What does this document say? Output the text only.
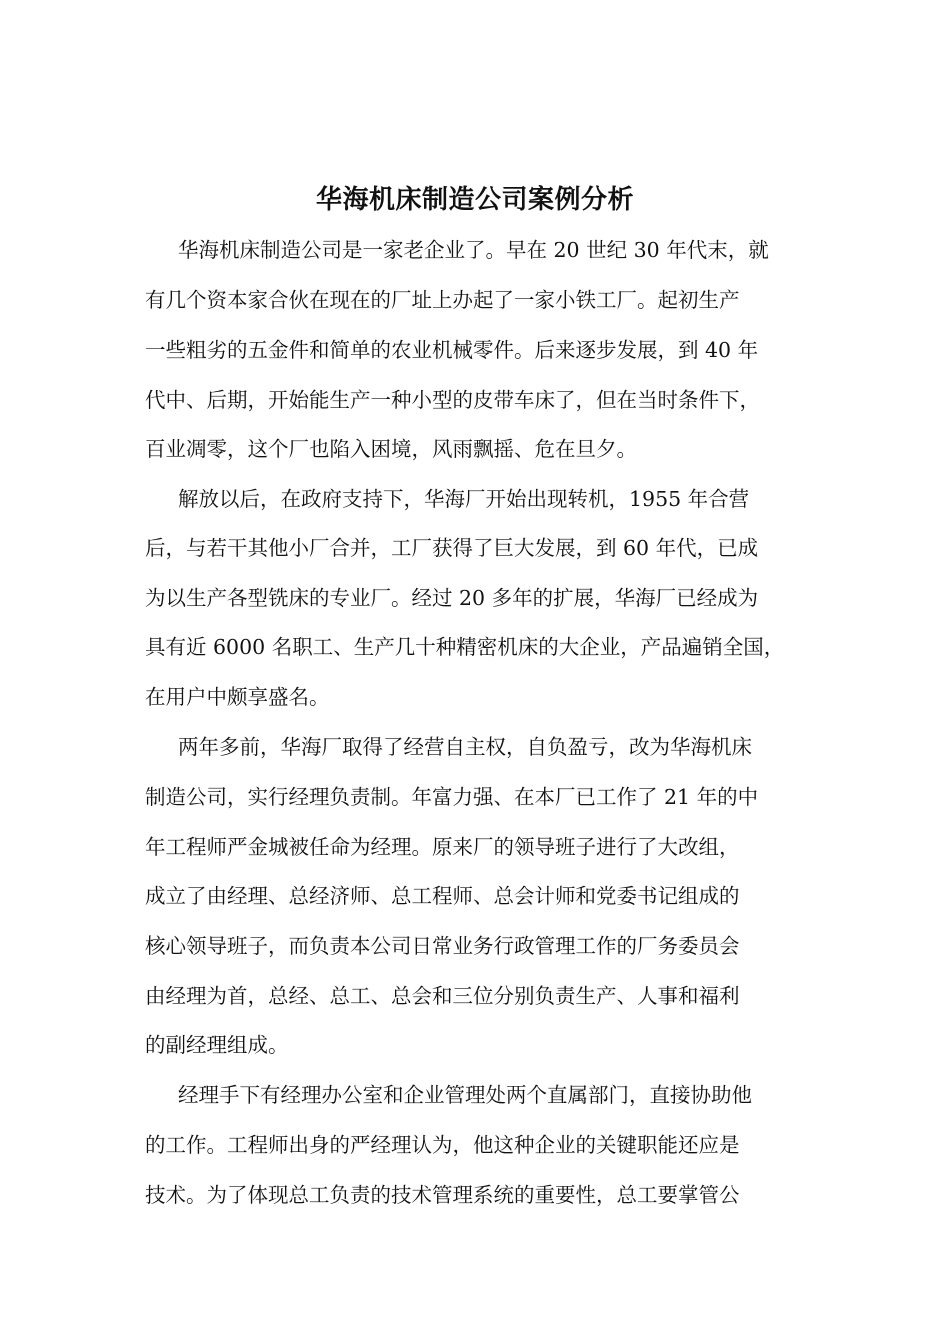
华海机床制造公司案例分析
华海机床制造公司是一家老企业了。早在 20 世纪 30 年代末，就
有几个资本家合伙在现在的厂址上办起了一家小铁工厂。起初生产
一些粗劣的五金件和简单的农业机械零件。后来逐步发展，到 40 年
代中、后期，开始能生产一种小型的皮带车床了，但在当时条件下，
百业凋零，这个厂也陷入困境，风雨飘摇、危在旦夕。
解放以后，在政府支持下，华海厂开始出现转机，1955 年合营
后，与若干其他小厂合并，工厂获得了巨大发展，到 60 年代，已成
为以生产各型铣床的专业厂。经过 20 多年的扩展，华海厂已经成为
具有近 6000 名职工、生产几十种精密机床的大企业，产品遍销全国，
在用户中颇享盛名。
两年多前，华海厂取得了经营自主权，自负盈亏，改为华海机床
制造公司，实行经理负责制。年富力强、在本厂已工作了 21 年的中
年工程师严金城被任命为经理。原来厂的领导班子进行了大改组，
成立了由经理、总经济师、总工程师、总会计师和党委书记组成的
核心领导班子，而负责本公司日常业务行政管理工作的厂务委员会
由经理为首，总经、总工、总会和三位分别负责生产、人事和福利
的副经理组成。
经理手下有经理办公室和企业管理处两个直属部门，直接协助他
的工作。工程师出身的严经理认为，他这种企业的关键职能还应是
技术。为了体现总工负责的技术管理系统的重要性，总工要掌管公
